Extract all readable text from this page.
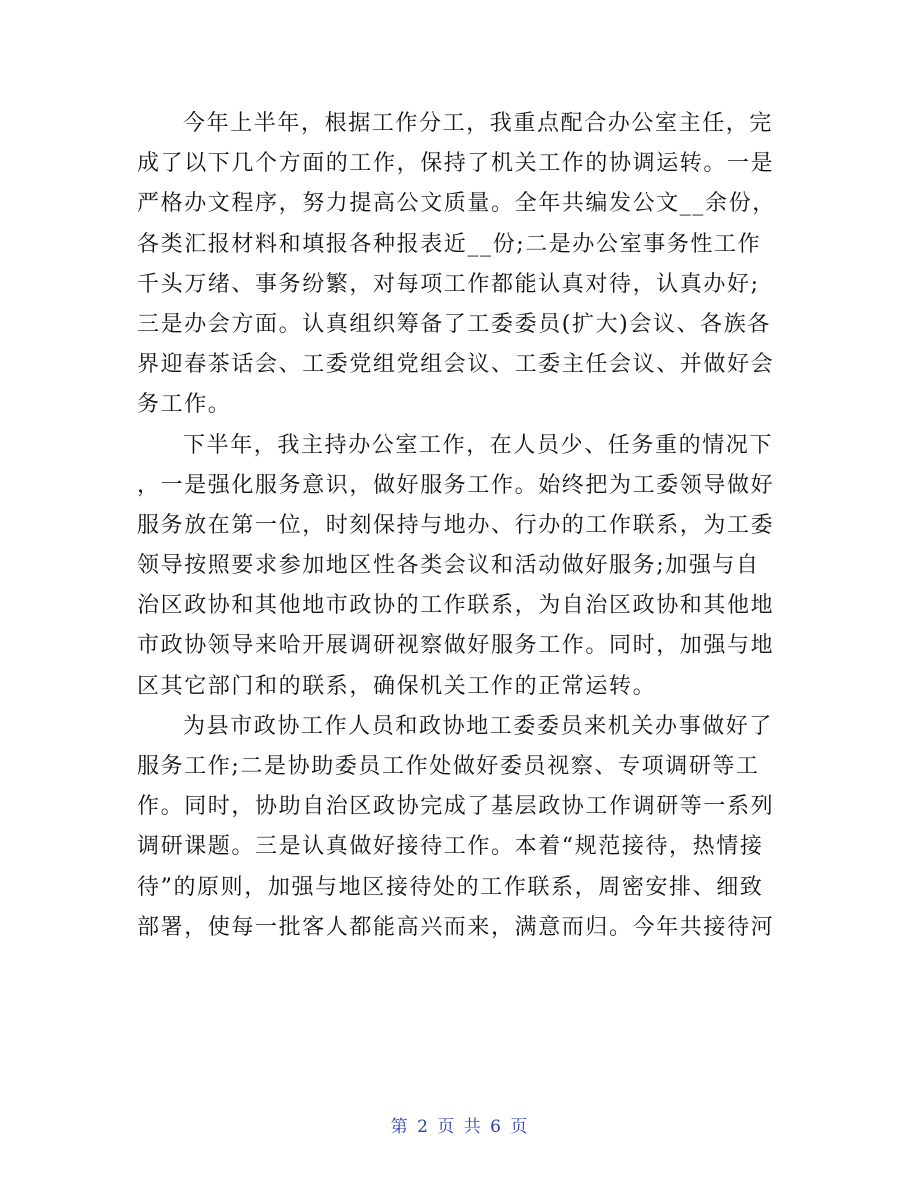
今年上半年，根据工作分工，我重点配合办公室主任，完
成了以下几个方面的工作，保持了机关工作的协调运转。一是
严格办文程序，努力提高公文质量。全年共编发公文__余份，
各类汇报材料和填报各种报表近__份;二是办公室事务性工作
千头万绪、事务纷繁，对每项工作都能认真对待，认真办好;
三是办会方面。认真组织筹备了工委委员(扩大)会议、各族各
界迎春茶话会、工委党组党组会议、工委主任会议、并做好会
务工作。
下半年，我主持办公室工作，在人员少、任务重的情况下
，一是强化服务意识，做好服务工作。始终把为工委领导做好
服务放在第一位，时刻保持与地办、行办的工作联系，为工委
领导按照要求参加地区性各类会议和活动做好服务;加强与自
治区政协和其他地市政协的工作联系，为自治区政协和其他地
市政协领导来哈开展调研视察做好服务工作。同时，加强与地
区其它部门和的联系，确保机关工作的正常运转。
为县市政协工作人员和政协地工委委员来机关办事做好了
服务工作;二是协助委员工作处做好委员视察、专项调研等工
作。同时，协助自治区政协完成了基层政协工作调研等一系列
调研课题。三是认真做好接待工作。本着“规范接待，热情接
待”的原则，加强与地区接待处的工作联系，周密安排、细致
部署，使每一批客人都能高兴而来，满意而归。今年共接待河
第 2 页 共 6 页
